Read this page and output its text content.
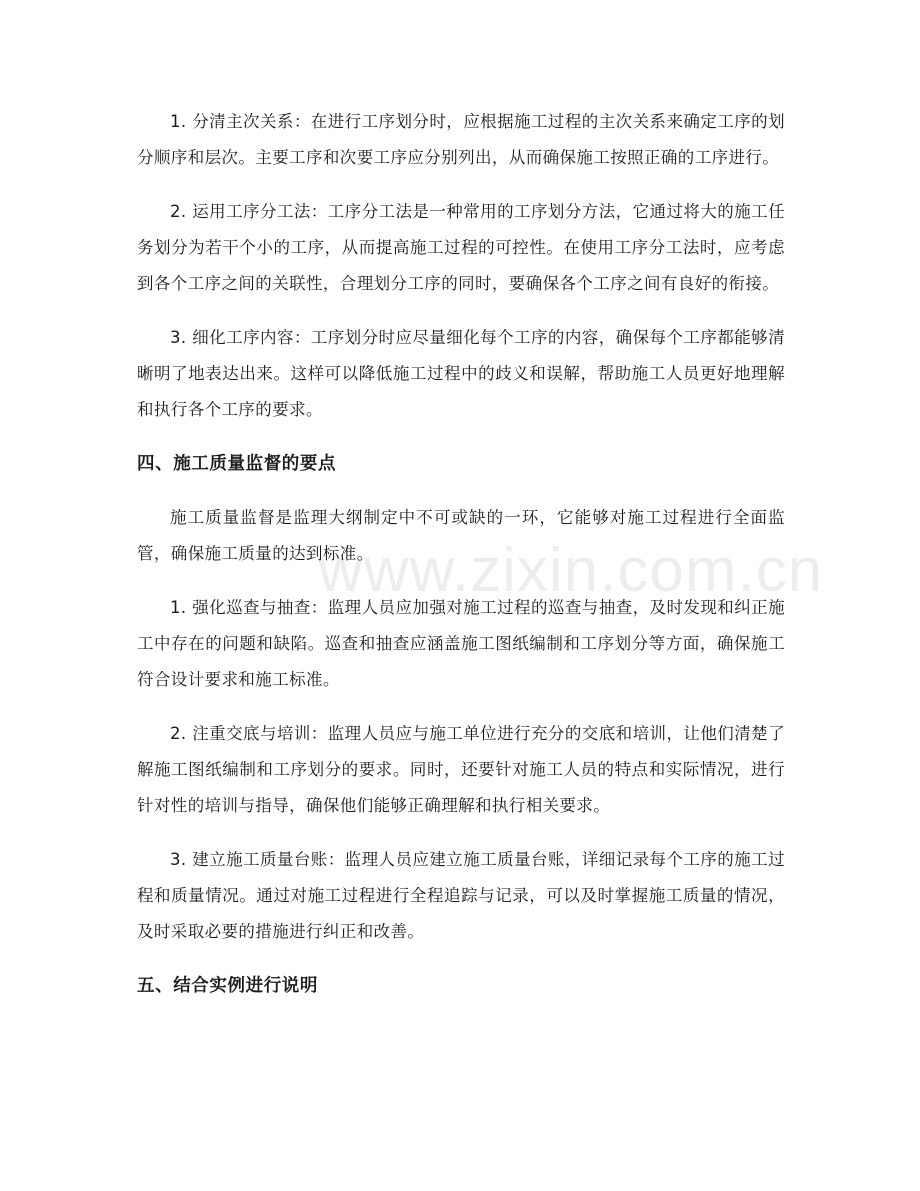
www.zixin.com.cn

1. 分清主次关系：在进行工序划分时，应根据施工过程的主次关系来确定工序的划分顺序和层次。主要工序和次要工序应分别列出，从而确保施工按照正确的工序进行。

2. 运用工序分工法：工序分工法是一种常用的工序划分方法，它通过将大的施工任务划分为若干个小的工序，从而提高施工过程的可控性。在使用工序分工法时，应考虑到各个工序之间的关联性，合理划分工序的同时，要确保各个工序之间有良好的衔接。

3. 细化工序内容：工序划分时应尽量细化每个工序的内容，确保每个工序都能够清晰明了地表达出来。这样可以降低施工过程中的歧义和误解，帮助施工人员更好地理解和执行各个工序的要求。

四、施工质量监督的要点

施工质量监督是监理大纲制定中不可或缺的一环，它能够对施工过程进行全面监管，确保施工质量的达到标准。

1. 强化巡查与抽查：监理人员应加强对施工过程的巡查与抽查，及时发现和纠正施工中存在的问题和缺陷。巡查和抽查应涵盖施工图纸编制和工序划分等方面，确保施工符合设计要求和施工标准。

2. 注重交底与培训：监理人员应与施工单位进行充分的交底和培训，让他们清楚了解施工图纸编制和工序划分的要求。同时，还要针对施工人员的特点和实际情况，进行针对性的培训与指导，确保他们能够正确理解和执行相关要求。

3. 建立施工质量台账：监理人员应建立施工质量台账，详细记录每个工序的施工过程和质量情况。通过对施工过程进行全程追踪与记录，可以及时掌握施工质量的情况，及时采取必要的措施进行纠正和改善。

五、结合实例进行说明
